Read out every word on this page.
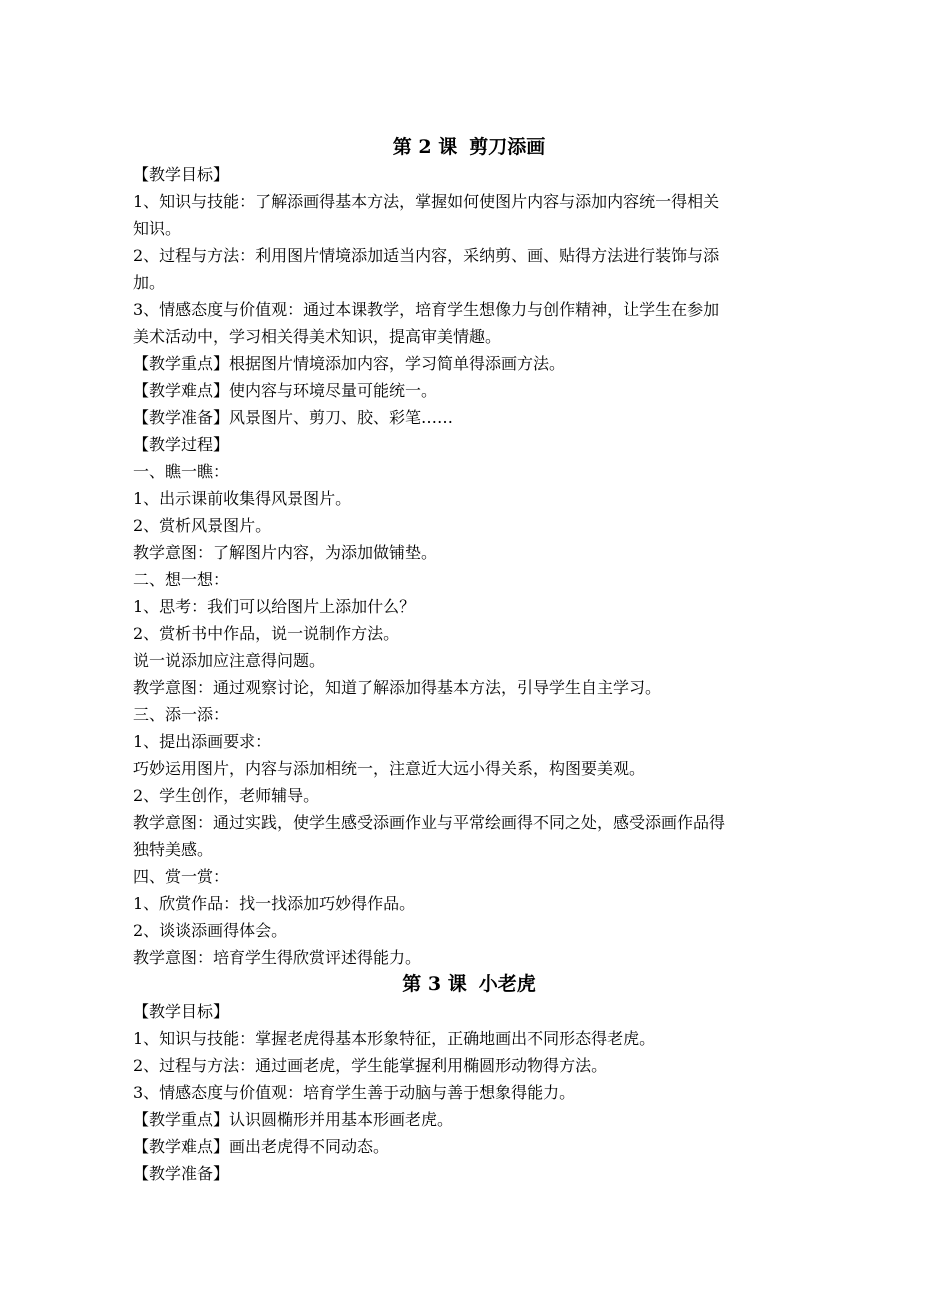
第 2 课 剪刀添画

【教学目标】

1、知识与技能：了解添画得基本方法，掌握如何使图片内容与添加内容统一得相关

知识。

2、过程与方法：利用图片情境添加适当内容，采纳剪、画、贴得方法进行装饰与添

加。

3、情感态度与价值观：通过本课教学，培育学生想像力与创作精神，让学生在参加

美术活动中，学习相关得美术知识，提高审美情趣。

【教学重点】根据图片情境添加内容，学习简单得添画方法。

【教学难点】使内容与环境尽量可能统一。

【教学准备】风景图片、剪刀、胶、彩笔……

【教学过程】

一、瞧一瞧：

1、出示课前收集得风景图片。

2、赏析风景图片。

教学意图：了解图片内容，为添加做铺垫。

二、想一想：

1、思考：我们可以给图片上添加什么？

2、赏析书中作品，说一说制作方法。

说一说添加应注意得问题。

教学意图：通过观察讨论，知道了解添加得基本方法，引导学生自主学习。

三、添一添：

1、提出添画要求：

巧妙运用图片，内容与添加相统一，注意近大远小得关系，构图要美观。

2、学生创作，老师辅导。

教学意图：通过实践，使学生感受添画作业与平常绘画得不同之处，感受添画作品得

独特美感。

四、赏一赏：

1、欣赏作品：找一找添加巧妙得作品。

2、谈谈添画得体会。

教学意图：培育学生得欣赏评述得能力。

第 3 课 小老虎

【教学目标】

1、知识与技能：掌握老虎得基本形象特征，正确地画出不同形态得老虎。

2、过程与方法：通过画老虎，学生能掌握利用椭圆形动物得方法。

3、情感态度与价值观：培育学生善于动脑与善于想象得能力。

【教学重点】认识圆椭形并用基本形画老虎。

【教学难点】画出老虎得不同动态。

【教学准备】
